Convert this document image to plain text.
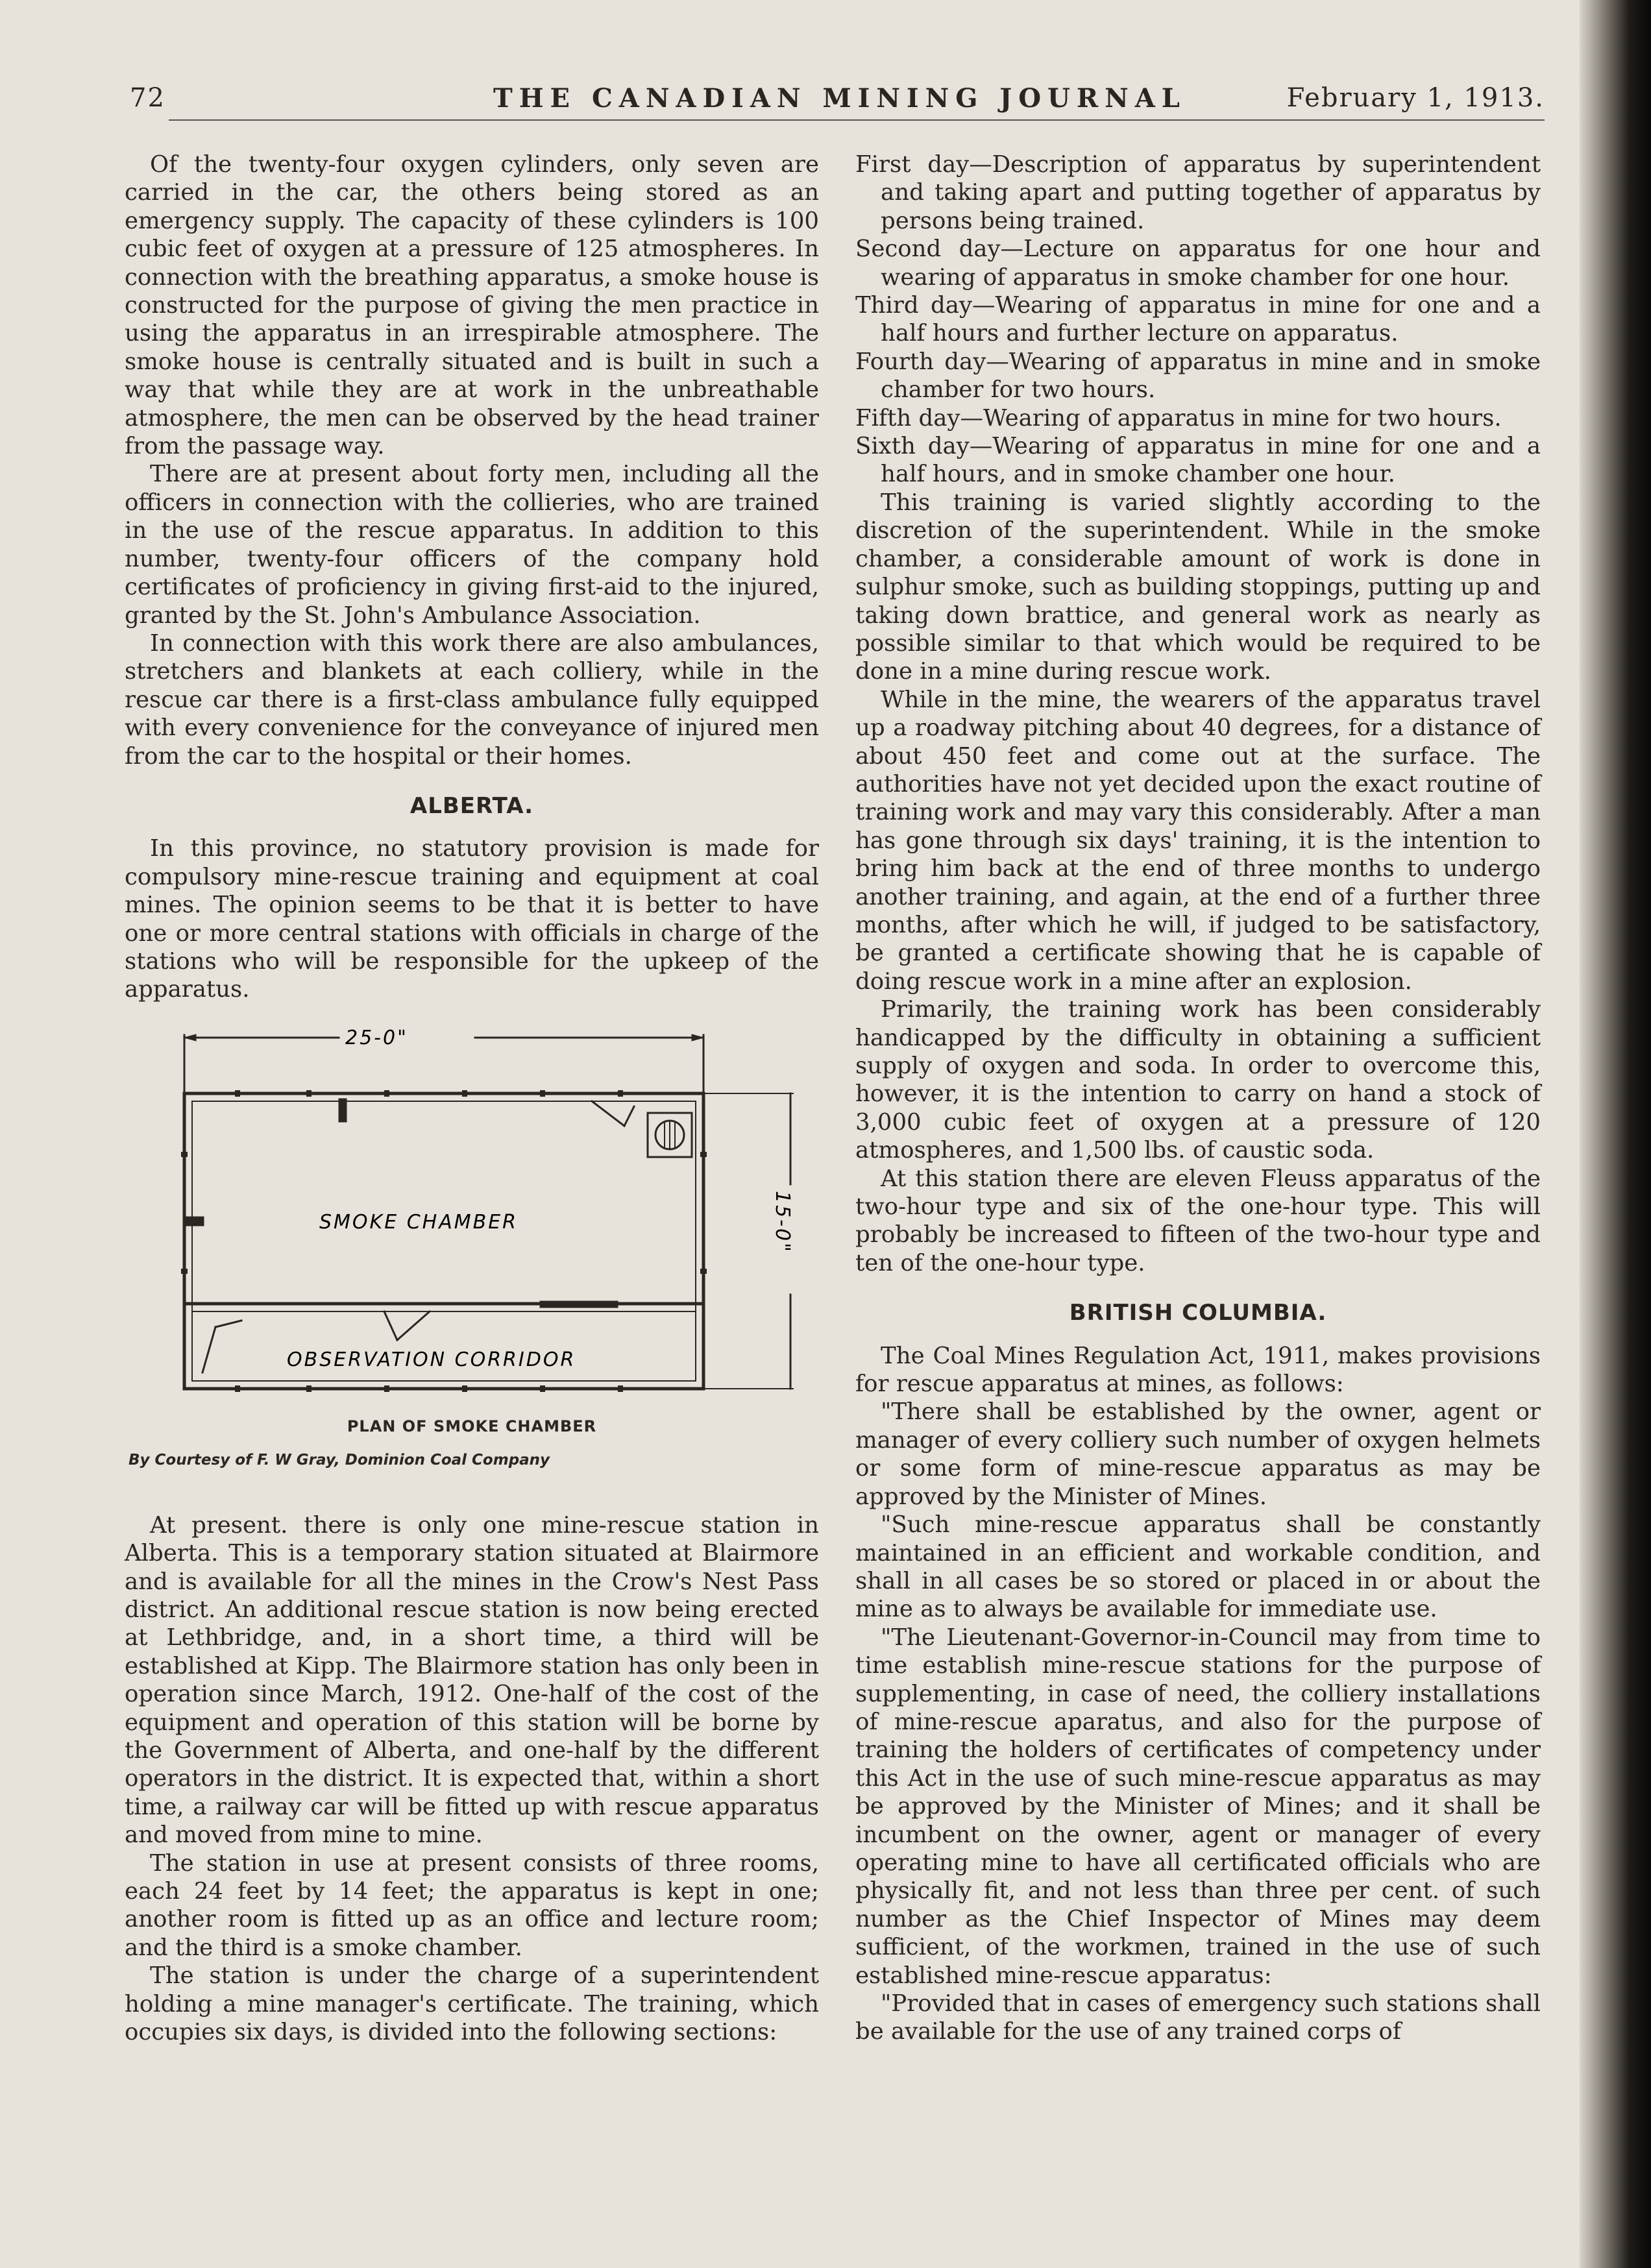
72	THE CANADIAN MINING JOURNAL	February 1, 1913.

Of the twenty-four oxygen cylinders, only seven are carried in the car, the others being stored as an emergency supply. The capacity of these cylinders is 100 cubic feet of oxygen at a pressure of 125 atmospheres. In connection with the breathing apparatus, a smoke house is constructed for the purpose of giving the men practice in using the apparatus in an irrespirable atmosphere. The smoke house is centrally situated and is built in such a way that while they are at work in the unbreathable atmosphere, the men can be observed by the head trainer from the passage way.

There are at present about forty men, including all the officers in connection with the collieries, who are trained in the use of the rescue apparatus. In addition to this number, twenty-four officers of the company hold certificates of proficiency in giving first-aid to the injured, granted by the St. John's Ambulance Association.

In connection with this work there are also ambulances, stretchers and blankets at each colliery, while in the rescue car there is a first-class ambulance fully equipped with every convenience for the conveyance of injured men from the car to the hospital or their homes.

ALBERTA.

In this province, no statutory provision is made for compulsory mine-rescue training and equipment at coal mines. The opinion seems to be that it is better to have one or more central stations with officials in charge of the stations who will be responsible for the upkeep of the apparatus.

25-0"
SMOKE CHAMBER
OBSERVATION CORRIDOR
15-0"
PLAN OF SMOKE CHAMBER
By Courtesy of F. W Gray, Dominion Coal Company

At present. there is only one mine-rescue station in Alberta. This is a temporary station situated at Blairmore and is available for all the mines in the Crow's Nest Pass district. An additional rescue station is now being erected at Lethbridge, and, in a short time, a third will be established at Kipp. The Blairmore station has only been in operation since March, 1912. One-half of the cost of the equipment and operation of this station will be borne by the Government of Alberta, and one-half by the different operators in the district. It is expected that, within a short time, a railway car will be fitted up with rescue apparatus and moved from mine to mine.

The station in use at present consists of three rooms, each 24 feet by 14 feet; the apparatus is kept in one; another room is fitted up as an office and lecture room; and the third is a smoke chamber.

The station is under the charge of a superintendent holding a mine manager's certificate. The training, which occupies six days, is divided into the following sections:

First day—Description of apparatus by superintendent and taking apart and putting together of apparatus by persons being trained.

Second day—Lecture on apparatus for one hour and wearing of apparatus in smoke chamber for one hour.

Third day—Wearing of apparatus in mine for one and a half hours and further lecture on apparatus.

Fourth day—Wearing of apparatus in mine and in smoke chamber for two hours.

Fifth day—Wearing of apparatus in mine for two hours.

Sixth day—Wearing of apparatus in mine for one and a half hours, and in smoke chamber one hour.

This training is varied slightly according to the discretion of the superintendent. While in the smoke chamber, a considerable amount of work is done in sulphur smoke, such as building stoppings, putting up and taking down brattice, and general work as nearly as possible similar to that which would be required to be done in a mine during rescue work.

While in the mine, the wearers of the apparatus travel up a roadway pitching about 40 degrees, for a distance of about 450 feet and come out at the surface. The authorities have not yet decided upon the exact routine of training work and may vary this considerably. After a man has gone through six days' training, it is the intention to bring him back at the end of three months to undergo another training, and again, at the end of a further three months, after which he will, if judged to be satisfactory, be granted a certificate showing that he is capable of doing rescue work in a mine after an explosion.

Primarily, the training work has been considerably handicapped by the difficulty in obtaining a sufficient supply of oxygen and soda. In order to overcome this, however, it is the intention to carry on hand a stock of 3,000 cubic feet of oxygen at a pressure of 120 atmospheres, and 1,500 lbs. of caustic soda.

At this station there are eleven Fleuss apparatus of the two-hour type and six of the one-hour type. This will probably be increased to fifteen of the two-hour type and ten of the one-hour type.

BRITISH COLUMBIA.

The Coal Mines Regulation Act, 1911, makes provisions for rescue apparatus at mines, as follows:

"There shall be established by the owner, agent or manager of every colliery such number of oxygen helmets or some form of mine-rescue apparatus as may be approved by the Minister of Mines.

"Such mine-rescue apparatus shall be constantly maintained in an efficient and workable condition, and shall in all cases be so stored or placed in or about the mine as to always be available for immediate use.

"The Lieutenant-Governor-in-Council may from time to time establish mine-rescue stations for the purpose of supplementing, in case of need, the colliery installations of mine-rescue aparatus, and also for the purpose of training the holders of certificates of competency under this Act in the use of such mine-rescue apparatus as may be approved by the Minister of Mines; and it shall be incumbent on the owner, agent or manager of every operating mine to have all certificated officials who are physically fit, and not less than three per cent. of such number as the Chief Inspector of Mines may deem sufficient, of the workmen, trained in the use of such established mine-rescue apparatus:

"Provided that in cases of emergency such stations shall be available for the use of any trained corps of
